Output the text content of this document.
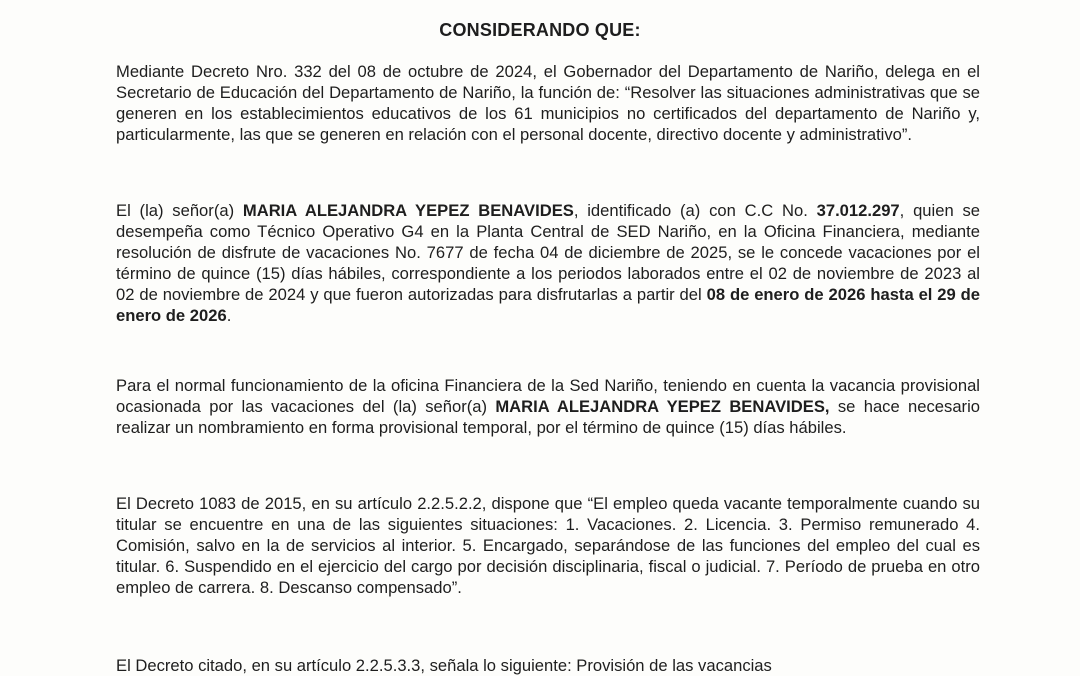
CONSIDERANDO QUE:
Mediante Decreto Nro. 332 del 08 de octubre de 2024, el Gobernador del Departamento de Nariño, delega en el Secretario de Educación del Departamento de Nariño, la función de: “Resolver las situaciones administrativas que se generen en los establecimientos educativos de los 61 municipios no certificados del departamento de Nariño y, particularmente, las que se generen en relación con el personal docente, directivo docente y administrativo”.
El (la) señor(a) MARIA ALEJANDRA YEPEZ BENAVIDES, identificado (a) con C.C No. 37.012.297, quien se desempeña como Técnico Operativo G4 en la Planta Central de SED Nariño, en la Oficina Financiera, mediante resolución de disfrute de vacaciones No. 7677 de fecha 04 de diciembre de 2025, se le concede vacaciones por el término de quince (15) días hábiles, correspondiente a los periodos laborados entre el 02 de noviembre de 2023 al 02 de noviembre de 2024 y que fueron autorizadas para disfrutarlas a partir del 08 de enero de 2026 hasta el 29 de enero de 2026.
Para el normal funcionamiento de la oficina Financiera de la Sed Nariño, teniendo en cuenta la vacancia provisional ocasionada por las vacaciones del (la) señor(a) MARIA ALEJANDRA YEPEZ BENAVIDES, se hace necesario realizar un nombramiento en forma provisional temporal, por el término de quince (15) días hábiles.
El Decreto 1083 de 2015, en su artículo 2.2.5.2.2, dispone que “El empleo queda vacante temporalmente cuando su titular se encuentre en una de las siguientes situaciones: 1. Vacaciones. 2. Licencia. 3. Permiso remunerado 4. Comisión, salvo en la de servicios al interior. 5. Encargado, separándose de las funciones del empleo del cual es titular. 6. Suspendido en el ejercicio del cargo por decisión disciplinaria, fiscal o judicial. 7. Período de prueba en otro empleo de carrera. 8. Descanso compensado”.
El Decreto citado, en su artículo 2.2.5.3.3, señala lo siguiente: Provisión de las vacancias
